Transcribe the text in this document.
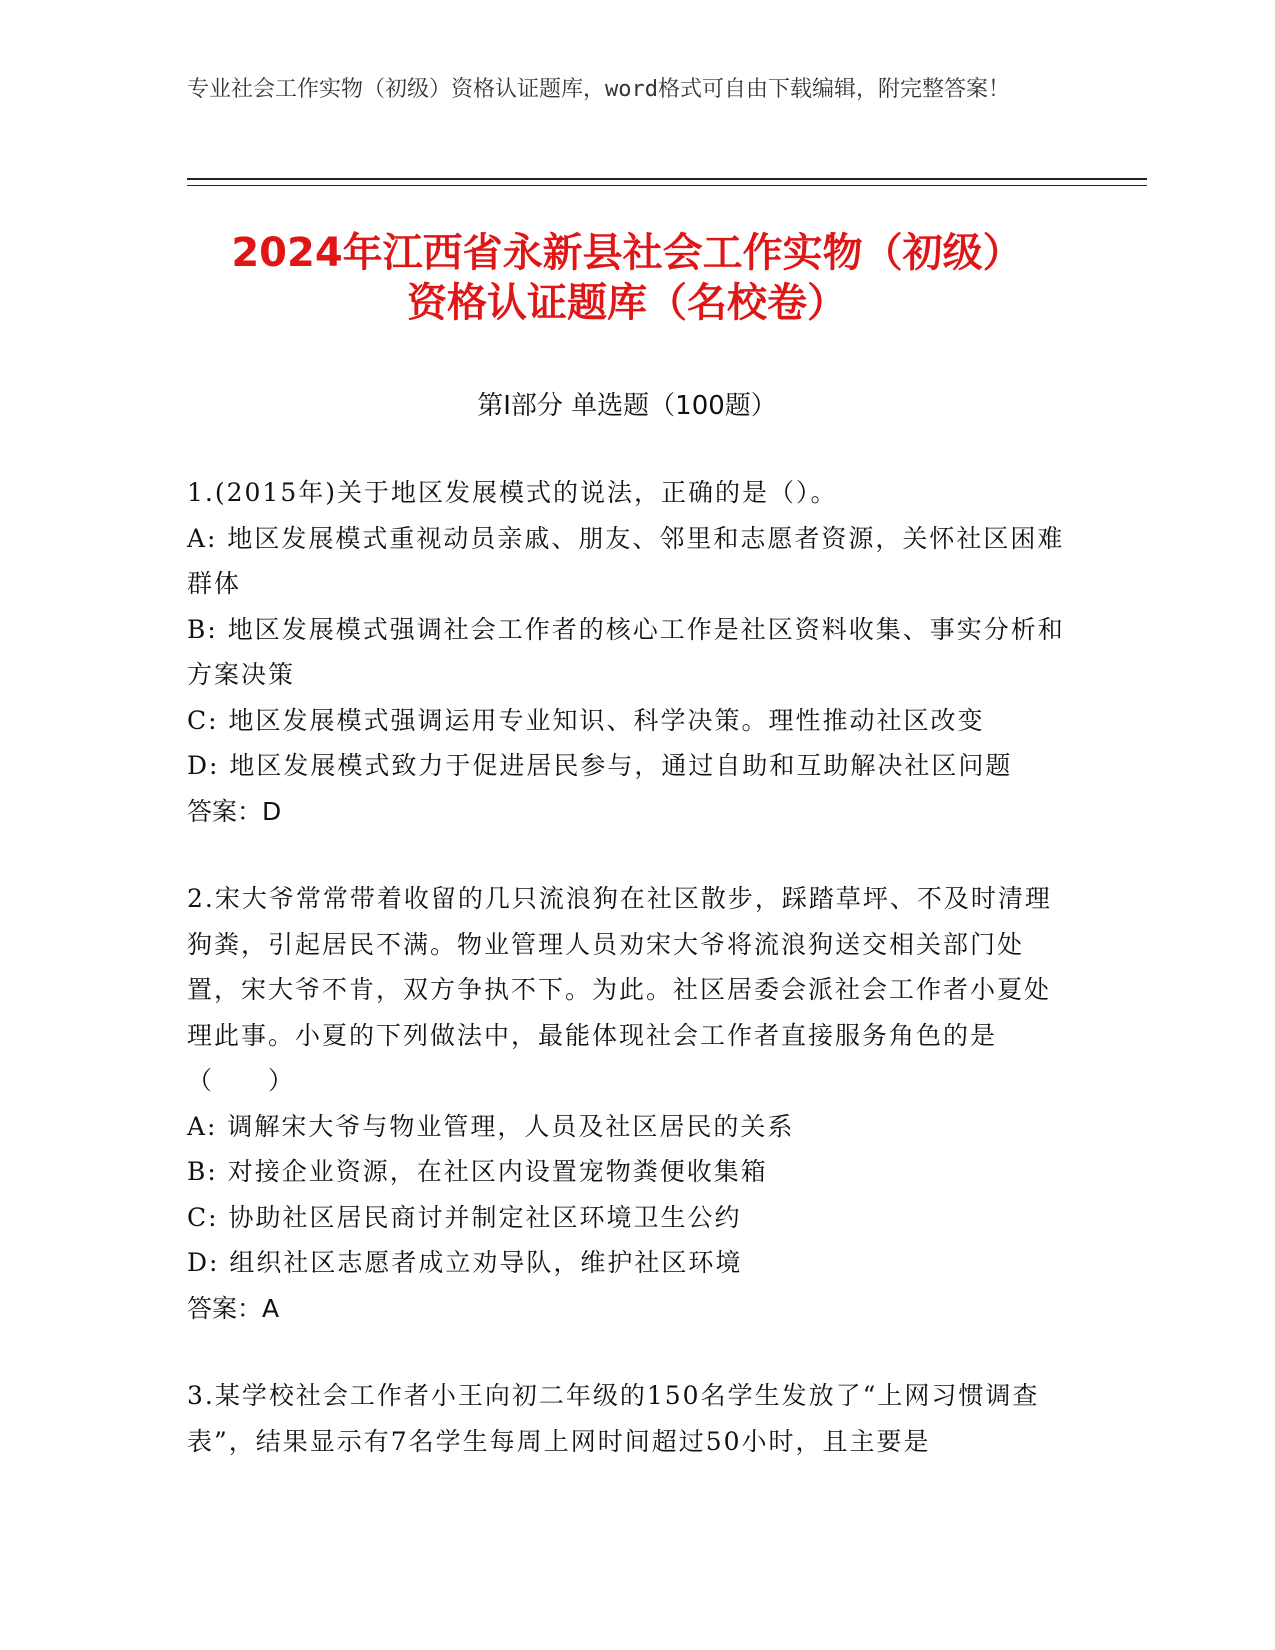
专业社会工作实物（初级）资格认证题库，word格式可自由下载编辑，附完整答案！
2024年江西省永新县社会工作实物（初级）
资格认证题库（名校卷）
第Ⅰ部分 单选题（100题）
1.(2015年)关于地区发展模式的说法，正确的是（）。
A: 地区发展模式重视动员亲戚、朋友、邻里和志愿者资源，关怀社区困难群体
B: 地区发展模式强调社会工作者的核心工作是社区资料收集、事实分析和方案决策
C: 地区发展模式强调运用专业知识、科学决策。理性推动社区改变
D: 地区发展模式致力于促进居民参与，通过自助和互助解决社区问题
答案：D
2.宋大爷常常带着收留的几只流浪狗在社区散步，踩踏草坪、不及时清理狗粪，引起居民不满。物业管理人员劝宋大爷将流浪狗送交相关部门处置，宋大爷不肯，双方争执不下。为此。社区居委会派社会工作者小夏处理此事。小夏的下列做法中，最能体现社会工作者直接服务角色的是（　　）
A: 调解宋大爷与物业管理，人员及社区居民的关系
B: 对接企业资源，在社区内设置宠物粪便收集箱
C: 协助社区居民商讨并制定社区环境卫生公约
D: 组织社区志愿者成立劝导队，维护社区环境
答案：A
3.某学校社会工作者小王向初二年级的150名学生发放了“上网习惯调查表”，结果显示有7名学生每周上网时间超过50小时，且主要是
